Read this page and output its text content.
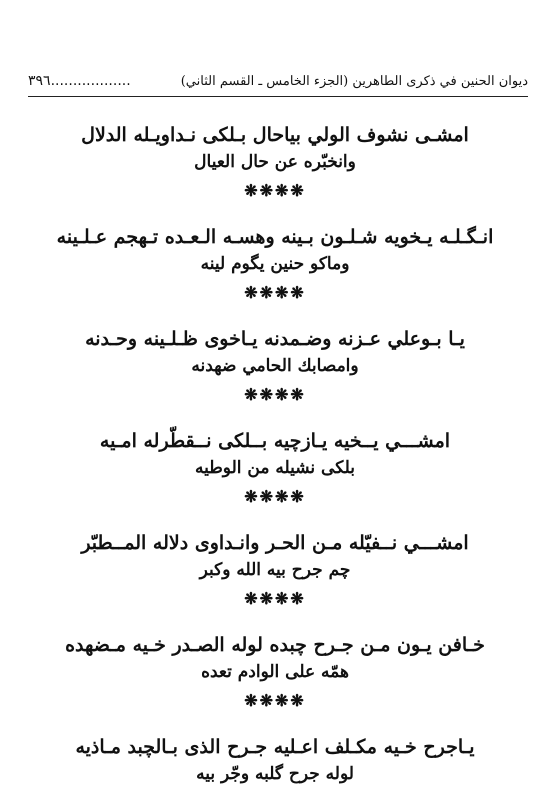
٣٩٦..................	ديوان الحنين في ذكرى الطاهرين (الجزء الخامس ـ القسم الثاني)
امشـى نشوف الولي بياحال بـلكى نـداويـله الدلال
وانخبّره عن حال العيال
❋❋❋❋
انـگـلـه يـخويه شـلـون بـينه وهسـه الـعـده تـهجم عـلـينه
وماكو حنين يگوم لينه
❋❋❋❋
يـا بـوعلي عـزنه وضـمدنه يـاخوى ظـلـينه وحـدنه
وامصابك الحامي ضهدنه
❋❋❋❋
امشـــي يــخيه يـازچيه بــلكى نــقطّرله امـيه
بلكى نشيله من الوطيه
❋❋❋❋
امشـــي نــفيّله مـن الحـر وانـداوى دلاله المــطبّر
چم جرح بيه الله وكبر
❋❋❋❋
خـافن يـون مـن جـرح چبده لوله الصـدر خـيه مـضهده
همّه على الوادم تعده
❋❋❋❋
يـاجرح خـيه مكـلف اعـليه جـرح الذى بـالچبد مـاذيه
لوله جرح گلبه وجّر بيه
